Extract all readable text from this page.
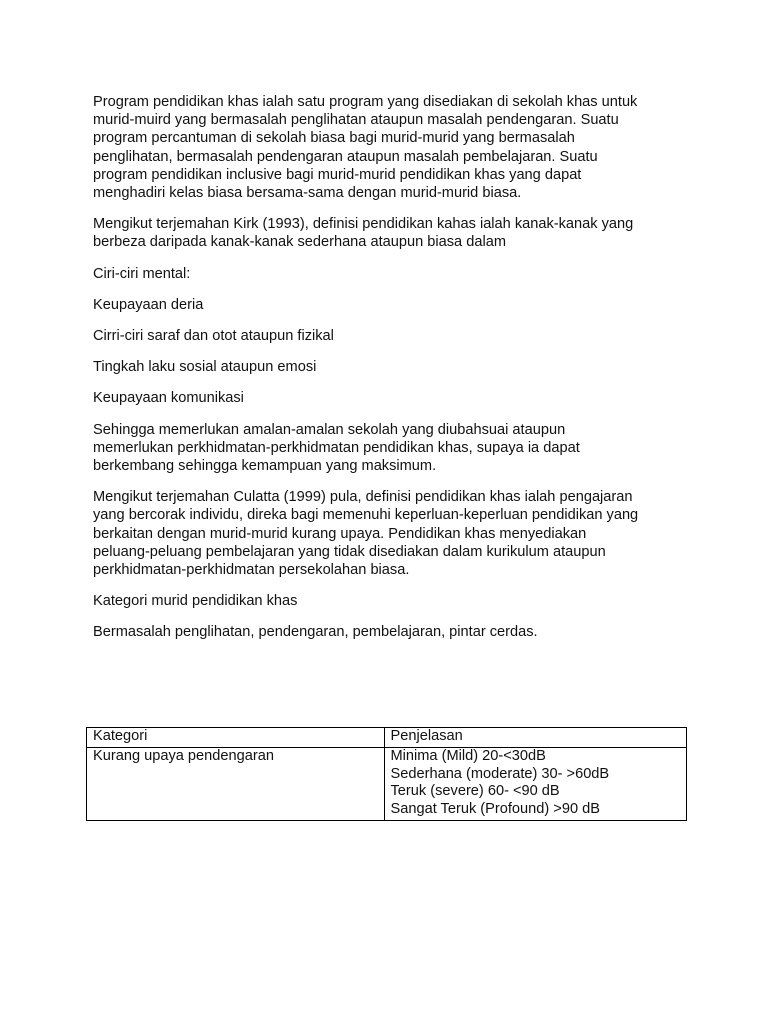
Program pendidikan khas ialah satu program yang disediakan di sekolah khas untuk
murid-muird yang bermasalah penglihatan ataupun masalah pendengaran. Suatu
program percantuman di sekolah biasa bagi murid-murid yang bermasalah
penglihatan, bermasalah pendengaran ataupun masalah pembelajaran. Suatu
program pendidikan inclusive bagi murid-murid pendidikan khas yang dapat
menghadiri kelas biasa bersama-sama dengan murid-murid biasa.

Mengikut terjemahan Kirk (1993), definisi pendidikan kahas ialah kanak-kanak yang
berbeza daripada kanak-kanak sederhana ataupun biasa dalam

Ciri-ciri mental:

Keupayaan deria

Cirri-ciri saraf dan otot ataupun fizikal

Tingkah laku sosial ataupun emosi

Keupayaan komunikasi

Sehingga memerlukan amalan-amalan sekolah yang diubahsuai ataupun
memerlukan perkhidmatan-perkhidmatan pendidikan khas, supaya ia dapat
berkembang sehingga kemampuan yang maksimum.

Mengikut terjemahan Culatta (1999) pula, definisi pendidikan khas ialah pengajaran
yang bercorak individu, direka bagi memenuhi keperluan-keperluan pendidikan yang
berkaitan dengan murid-murid kurang upaya. Pendidikan khas menyediakan
peluang-peluang pembelajaran yang tidak disediakan dalam kurikulum ataupun
perkhidmatan-perkhidmatan persekolahan biasa.

Kategori murid pendidikan khas

Bermasalah penglihatan, pendengaran, pembelajaran, pintar cerdas.

Kategori	Penjelasan
Kurang upaya pendengaran	Minima (Mild) 20-<30dB
Sederhana (moderate) 30- >60dB
Teruk (severe) 60- <90 dB
Sangat Teruk (Profound) >90 dB
